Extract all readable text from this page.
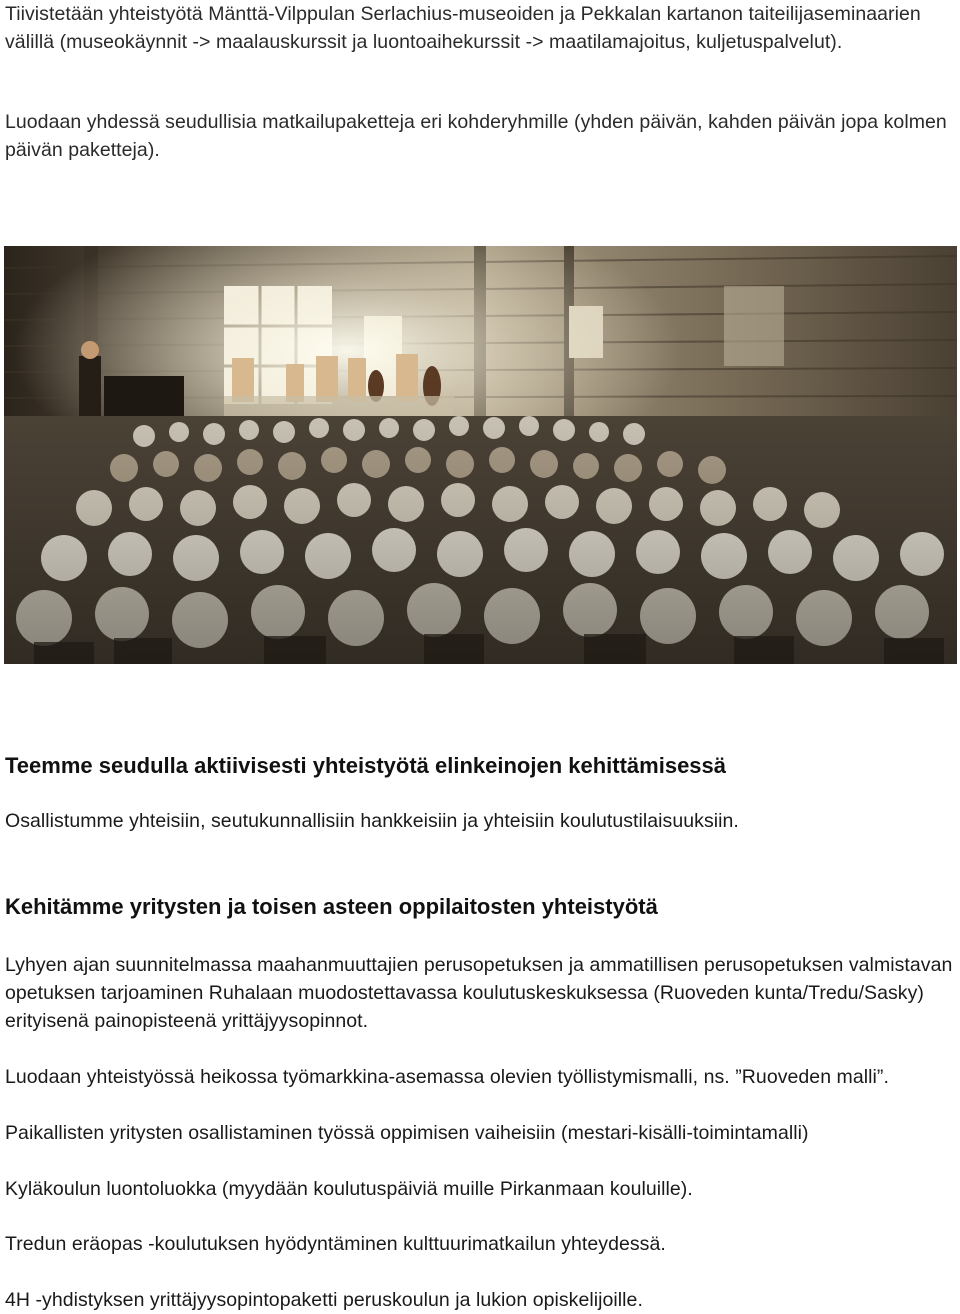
Tiivistetään yhteistyötä Mänttä-Vilppulan Serlachius-museoiden ja Pekkalan kartanon taiteilijaseminaarien välillä (museokäynnit -> maalauskurssit ja luontoaihekurssit -> maatilamajoitus, kuljetuspalvelut).

Luodaan yhdessä seudullisia matkailupaketteja eri kohderyhmille (yhden päivän, kahden päivän jopa kolmen päivän paketteja).

Teemme seudulla aktiivisesti yhteistyötä elinkeinojen kehittämisessä

Osallistumme yhteisiin, seutukunnallisiin hankkeisiin ja yhteisiin koulutustilaisuuksiin.

Kehitämme yritysten ja toisen asteen oppilaitosten yhteistyötä

Lyhyen ajan suunnitelmassa maahanmuuttajien perusopetuksen ja ammatillisen perusopetuksen valmistavan opetuksen tarjoaminen Ruhalaan muodostettavassa koulutuskeskuksessa (Ruoveden kunta/Tredu/Sasky) erityisenä painopisteenä yrittäjyysopinnot.

Luodaan yhteistyössä heikossa työmarkkina-asemassa olevien työllistymismalli, ns. ”Ruoveden malli”.

Paikallisten yritysten osallistaminen työssä oppimisen vaiheisiin (mestari-kisälli-toimintamalli)

Kyläkoulun luontoluokka (myydään koulutuspäiviä muille Pirkanmaan kouluille).

Tredun eräopas -koulutuksen hyödyntäminen kulttuurimatkailun yhteydessä.

4H -yhdistyksen yrittäjyysopintopaketti peruskoulun ja lukion opiskelijoille.
